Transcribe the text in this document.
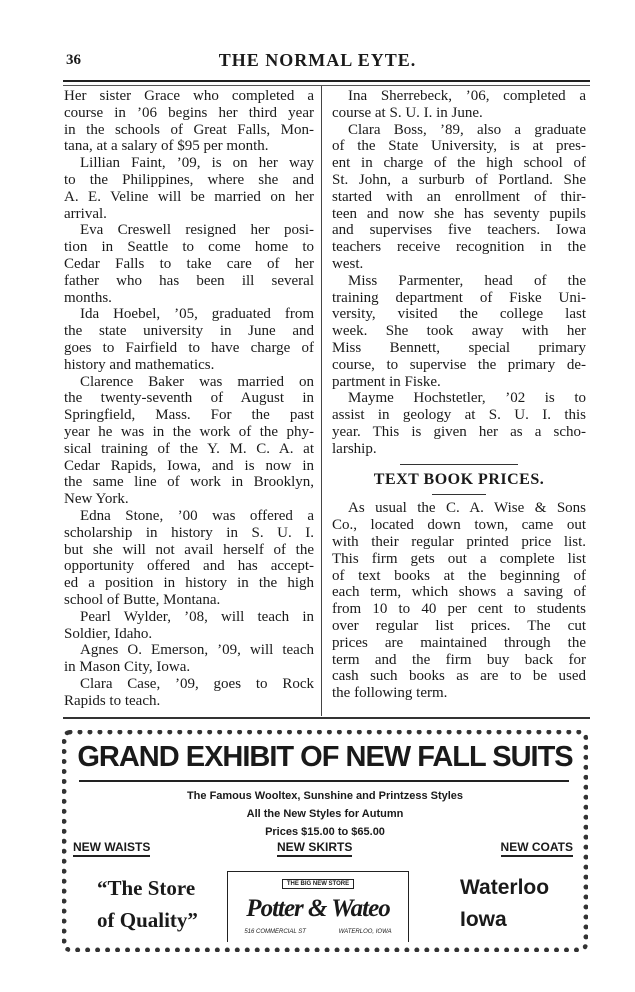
36	THE NORMAL EYTE.
Her sister Grace who completed a
course in ’06 begins her third year
in the schools of Great Falls, Mon-
tana, at a salary of $95 per month.
Lillian Faint, ’09, is on her way
to the Philippines, where she and
A. E. Veline will be married on her
arrival.
Eva Creswell resigned her posi-
tion in Seattle to come home to
Cedar Falls to take care of her
father who has been ill several
months.
Ida Hoebel, ’05, graduated from
the state university in June and
goes to Fairfield to have charge of
history and mathematics.
Clarence Baker was married on
the twenty-seventh of August in
Springfield, Mass. For the past
year he was in the work of the phy-
sical training of the Y. M. C. A. at
Cedar Rapids, Iowa, and is now in
the same line of work in Brooklyn,
New York.
Edna Stone, ’00 was offered a
scholarship in history in S. U. I.
but she will not avail herself of the
opportunity offered and has accept-
ed a position in history in the high
school of Butte, Montana.
Pearl Wylder, ’08, will teach in
Soldier, Idaho.
Agnes O. Emerson, ’09, will teach
in Mason City, Iowa.
Clara Case, ’09, goes to Rock
Rapids to teach.
Ina Sherrebeck, ’06, completed a
course at S. U. I. in June.
Clara Boss, ’89, also a graduate
of the State University, is at pres-
ent in charge of the high school of
St. John, a surburb of Portland. She
started with an enrollment of thir-
teen and now she has seventy pupils
and supervises five teachers. Iowa
teachers receive recognition in the
west.
Miss Parmenter, head of the
training department of Fiske Uni-
versity, visited the college last
week. She took away with her
Miss Bennett, special primary
course, to supervise the primary de-
partment in Fiske.
Mayme Hochstetler, ’02 is to
assist in geology at S. U. I. this
year. This is given her as a scho-
larship.
TEXT BOOK PRICES.
As usual the C. A. Wise & Sons
Co., located down town, came out
with their regular printed price list.
This firm gets out a complete list
of text books at the beginning of
each term, which shows a saving of
from 10 to 40 per cent to students
over regular list prices. The cut
prices are maintained through the
term and the firm buy back for
cash such books as are to be used
the following term.
GRAND EXHIBIT OF NEW FALL SUITS
The Famous Wooltex, Sunshine and Printzess Styles
All the New Styles for Autumn
Prices $15.00 to $65.00
NEW WAISTS	NEW SKIRTS	NEW COATS
“The Store
of Quality”
THE BIG NEW STORE
Potter & Wateo
516 COMMERCIAL ST	WATERLOO, IOWA
Waterloo
Iowa
